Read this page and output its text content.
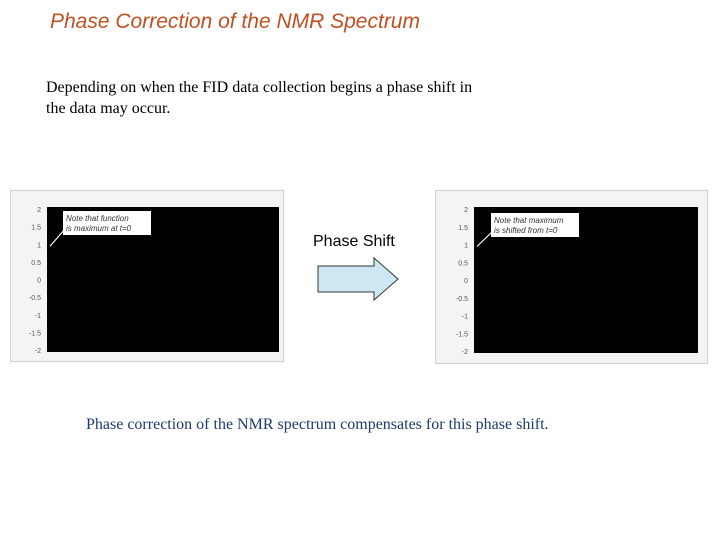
Phase Correction of the NMR Spectrum
Depending on when the FID data collection begins a phase shift in the data may occur.
2
1.5
1
0.5
0
-0.5
-1
-1.5
-2
Note that function
is maximum at t=0
Phase Shift
2
1.5
1
0.5
0
-0.5
-1
-1.5
-2
Note that maximum
is shifted from t=0
Phase correction of the NMR spectrum compensates for this phase shift.
